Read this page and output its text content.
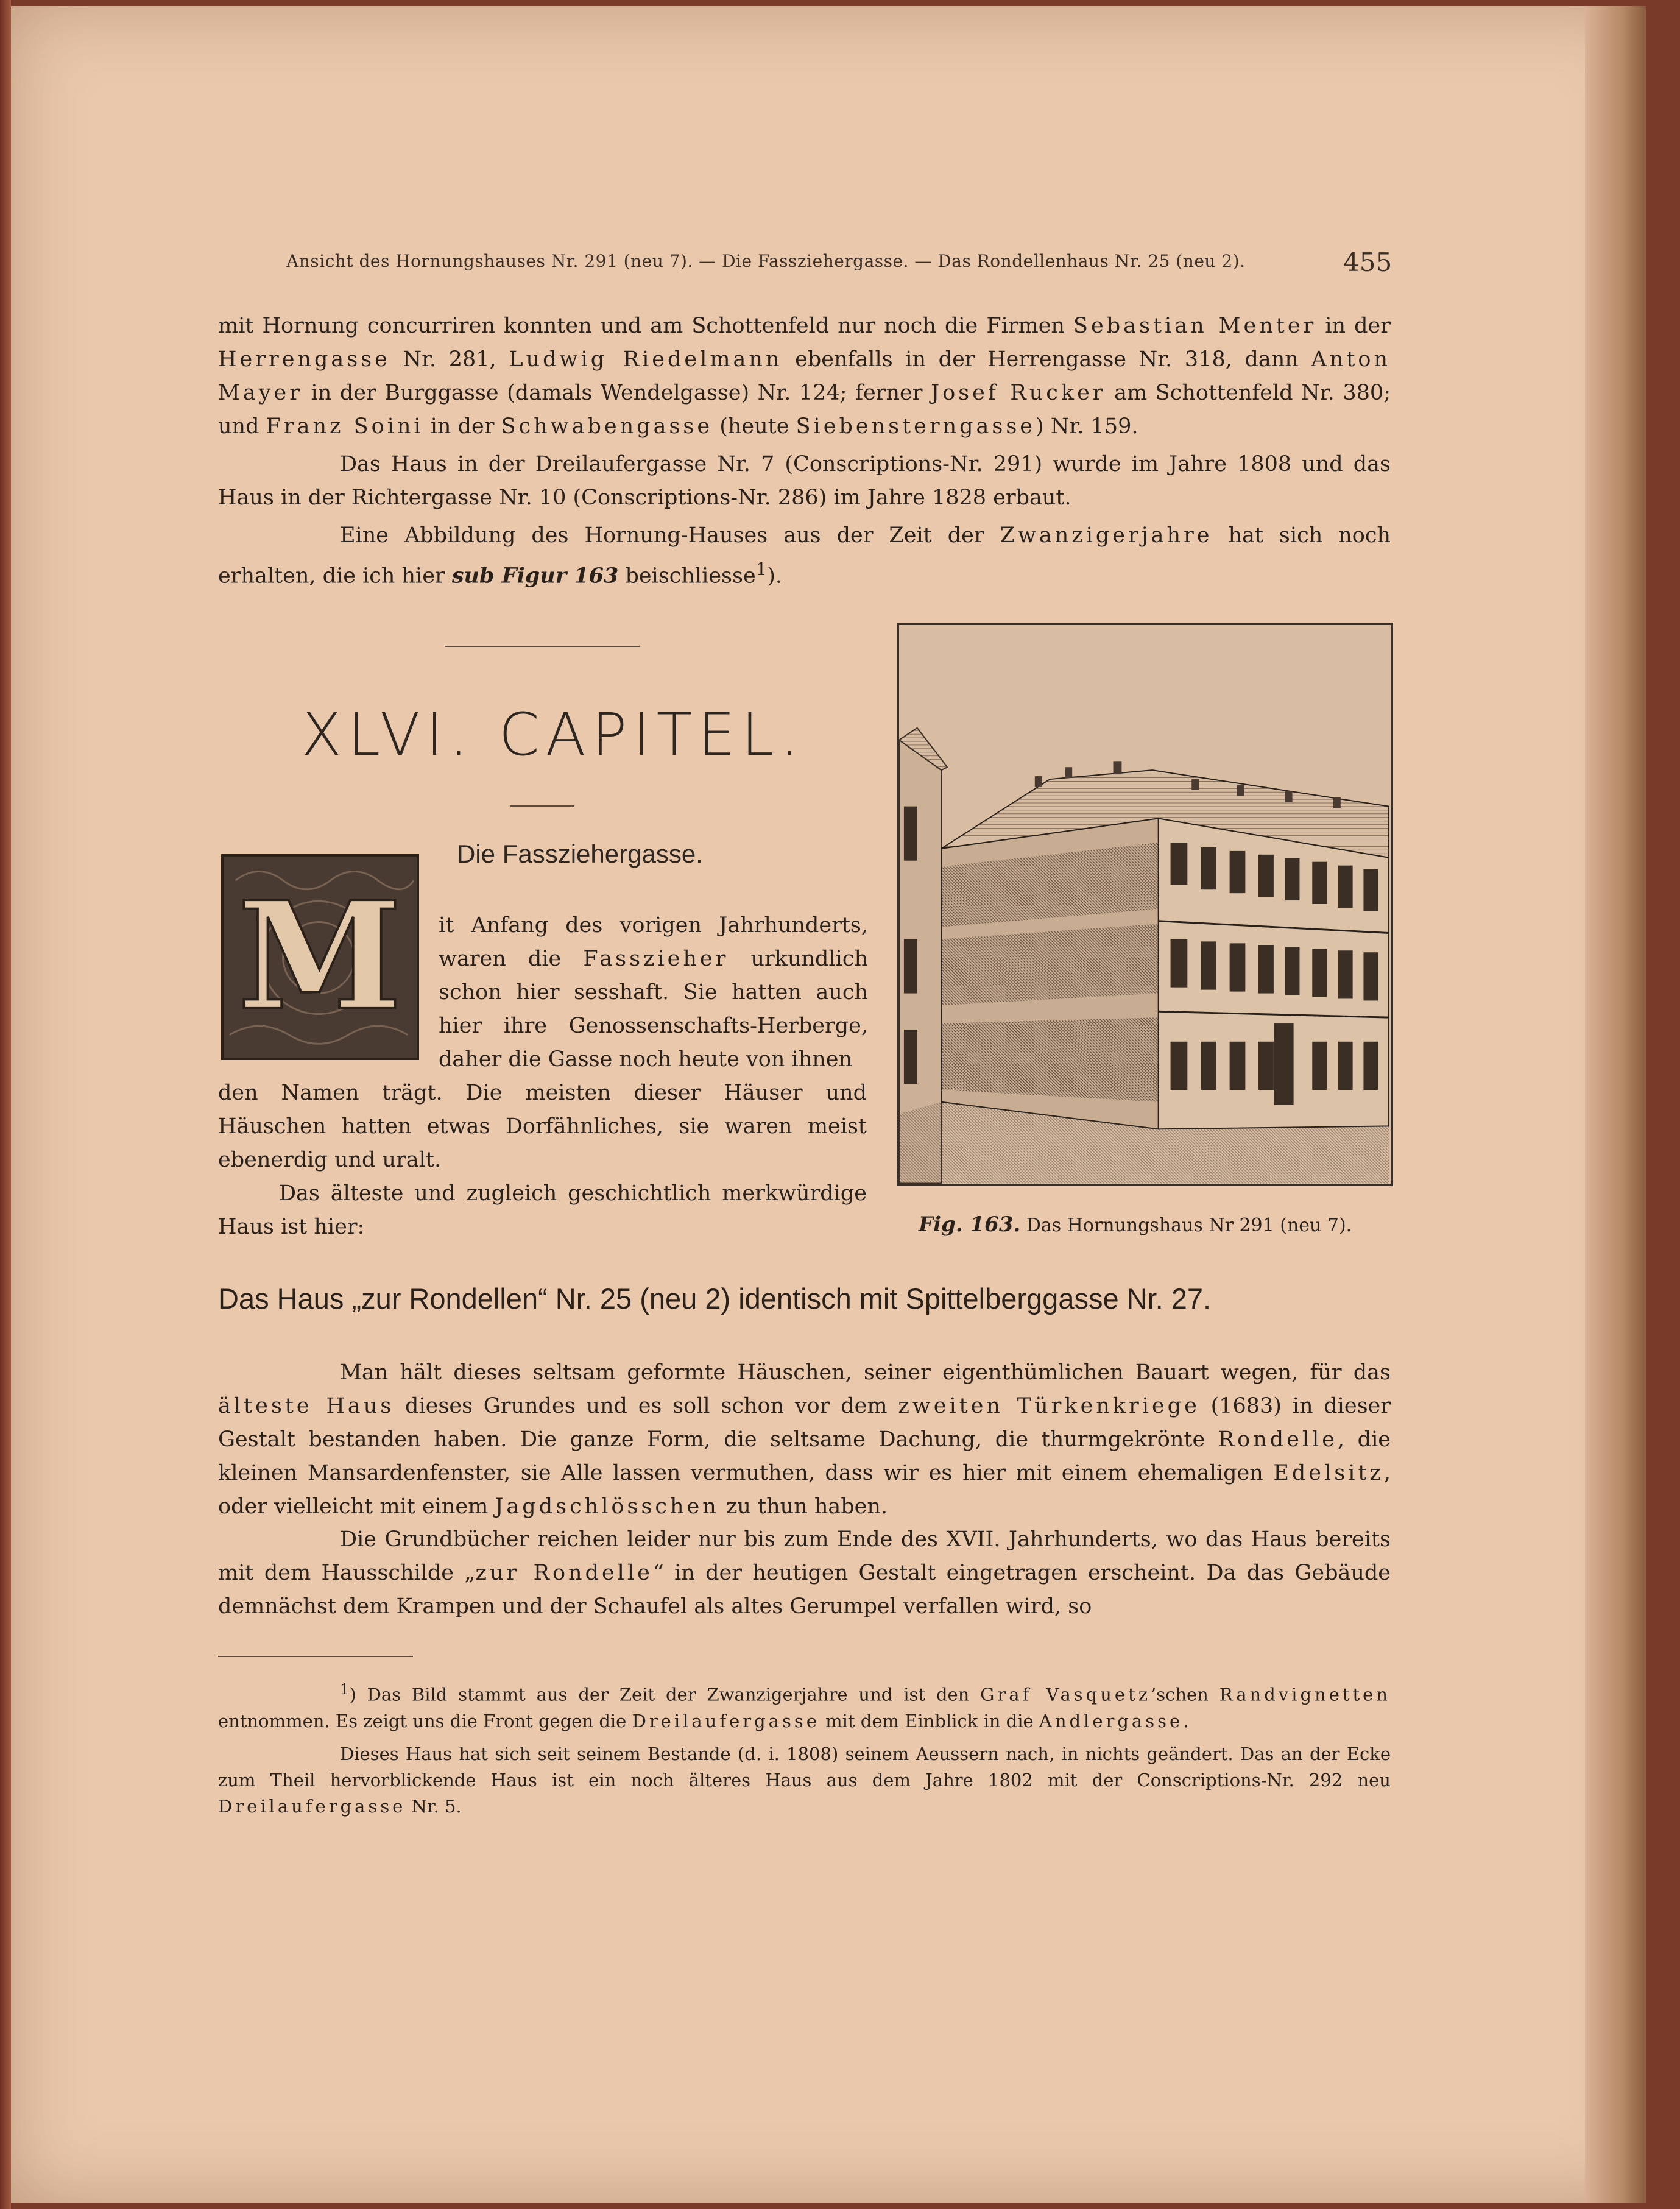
Ansicht des Hornungshauses Nr. 291 (neu 7). — Die Fassziehergasse. — Das Rondellenhaus Nr. 25 (neu 2).	455
mit Hornung concurriren konnten und am Schottenfeld nur noch die Firmen Sebastian Menter in der Herrengasse Nr. 281, Ludwig Riedelmann ebenfalls in der Herrengasse Nr. 318, dann Anton Mayer in der Burggasse (damals Wendelgasse) Nr. 124; ferner Josef Rucker am Schottenfeld Nr. 380; und Franz Soini in der Schwabengasse (heute Siebensterngasse) Nr. 159.
Das Haus in der Dreilaufergasse Nr. 7 (Conscriptions-Nr. 291) wurde im Jahre 1808 und das Haus in der Richtergasse Nr. 10 (Conscriptions-Nr. 286) im Jahre 1828 erbaut.
Eine Abbildung des Hornung-Hauses aus der Zeit der Zwanzigerjahre hat sich noch erhalten, die ich hier sub Figur 163 beischliesse$^1$).
XLVI. CAPITEL.
Die Fassziehergasse.
M it Anfang des vorigen Jahrhunderts, waren die Fasszieher urkundlich schon hier sesshaft. Sie hatten auch hier ihre Genossenschafts-Herberge, daher die Gasse noch heute von ihnen
den Namen trägt. Die meisten dieser Häuser und Häuschen hatten etwas Dorfähnliches, sie waren meist ebenerdig und uralt.
Das älteste und zugleich geschichtlich merkwürdige Haus ist hier:	Fig. 163. Das Hornungshaus Nr 291 (neu 7).
Das Haus „zur Rondellen“ Nr. 25 (neu 2) identisch mit Spittelberggasse Nr. 27.
Man hält dieses seltsam geformte Häuschen, seiner eigenthümlichen Bauart wegen, für das älteste Haus dieses Grundes und es soll schon vor dem zweiten Türkenkriege (1683) in dieser Gestalt bestanden haben. Die ganze Form, die seltsame Dachung, die thurmgekrönte Rondelle, die kleinen Mansardenfenster, sie Alle lassen vermuthen, dass wir es hier mit einem ehemaligen Edelsitz, oder vielleicht mit einem Jagdschlösschen zu thun haben.
Die Grundbücher reichen leider nur bis zum Ende des XVII. Jahrhunderts, wo das Haus bereits mit dem Hausschilde „zur Rondelle“ in der heutigen Gestalt eingetragen erscheint. Da das Gebäude demnächst dem Krampen und der Schaufel als altes Gerumpel verfallen wird, so
$^1$) Das Bild stammt aus der Zeit der Zwanzigerjahre und ist den Graf Vasquetz’schen Randvignetten entnommen. Es zeigt uns die Front gegen die Dreilaufergasse mit dem Einblick in die Andlergasse.
Dieses Haus hat sich seit seinem Bestande (d. i. 1808) seinem Aeussern nach, in nichts geändert. Das an der Ecke zum Theil hervorblickende Haus ist ein noch älteres Haus aus dem Jahre 1802 mit der Conscriptions-Nr. 292 neu Dreilaufergasse Nr. 5.
